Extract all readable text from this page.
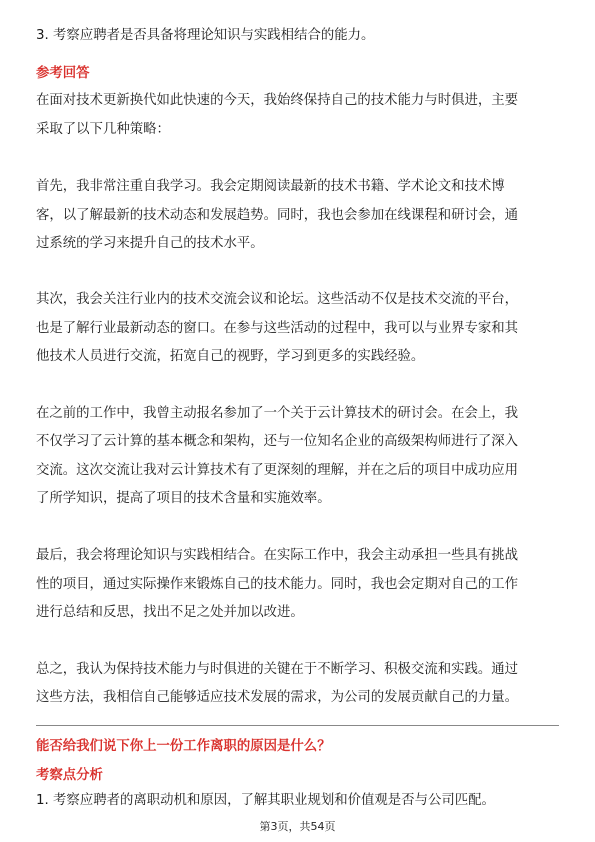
3. 考察应聘者是否具备将理论知识与实践相结合的能力。
参考回答
在面对技术更新换代如此快速的今天，我始终保持自己的技术能力与时俱进，主要
采取了以下几种策略：
首先，我非常注重自我学习。我会定期阅读最新的技术书籍、学术论文和技术博
客，以了解最新的技术动态和发展趋势。同时，我也会参加在线课程和研讨会，通
过系统的学习来提升自己的技术水平。
其次，我会关注行业内的技术交流会议和论坛。这些活动不仅是技术交流的平台，
也是了解行业最新动态的窗口。在参与这些活动的过程中，我可以与业界专家和其
他技术人员进行交流，拓宽自己的视野，学习到更多的实践经验。
在之前的工作中，我曾主动报名参加了一个关于云计算技术的研讨会。在会上，我
不仅学习了云计算的基本概念和架构，还与一位知名企业的高级架构师进行了深入
交流。这次交流让我对云计算技术有了更深刻的理解，并在之后的项目中成功应用
了所学知识，提高了项目的技术含量和实施效率。
最后，我会将理论知识与实践相结合。在实际工作中，我会主动承担一些具有挑战
性的项目，通过实际操作来锻炼自己的技术能力。同时，我也会定期对自己的工作
进行总结和反思，找出不足之处并加以改进。
总之，我认为保持技术能力与时俱进的关键在于不断学习、积极交流和实践。通过
这些方法，我相信自己能够适应技术发展的需求，为公司的发展贡献自己的力量。
能否给我们说下你上一份工作离职的原因是什么？
考察点分析
1. 考察应聘者的离职动机和原因，了解其职业规划和价值观是否与公司匹配。
第3页，共54页
